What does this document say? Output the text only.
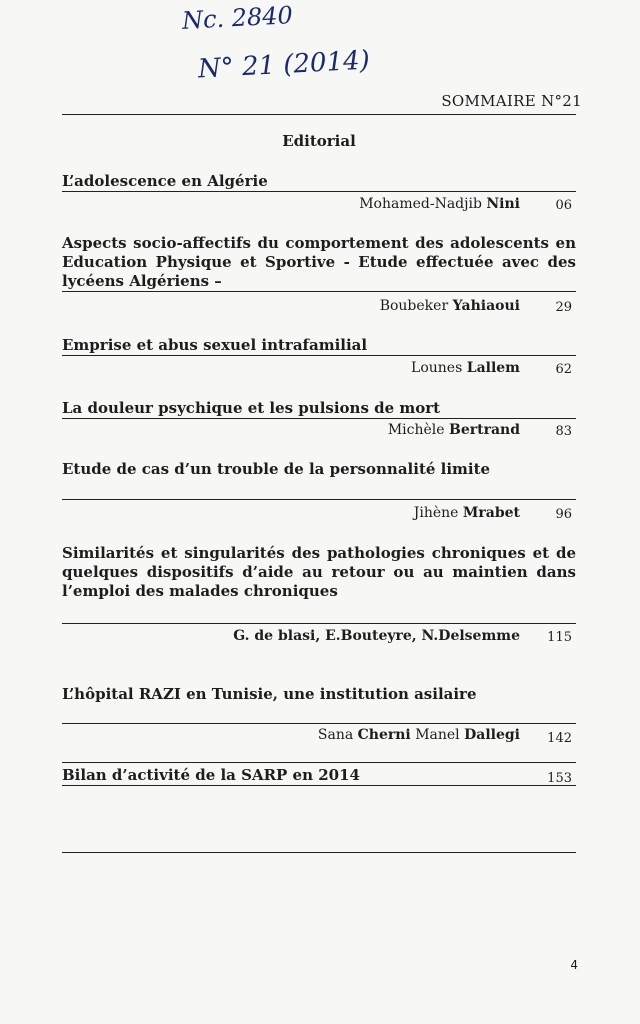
Nc. 2840
N° 21 (2014)
SOMMAIRE N°21
Editorial
L’adolescence en Algérie
Mohamed-Nadjib Nini	06
Aspects socio-affectifs du comportement des adolescents en Education Physique et Sportive - Etude effectuée avec des lycéens Algériens –
Boubeker Yahiaoui	29
Emprise et abus sexuel intrafamilial
Lounes Lallem	62
La douleur psychique et les pulsions de mort
Michèle Bertrand	83
Etude de cas d’un trouble de la personnalité limite
Jihène Mrabet	96
Similarités et singularités des pathologies chroniques et de quelques dispositifs d’aide au retour ou au maintien dans l’emploi des malades chroniques
G. de blasi, E.Bouteyre, N.Delsemme 115
L’hôpital RAZI en Tunisie, une institution asilaire
Sana Cherni Manel Dallegi 142
Bilan d’activité de la SARP en 2014	153
4
